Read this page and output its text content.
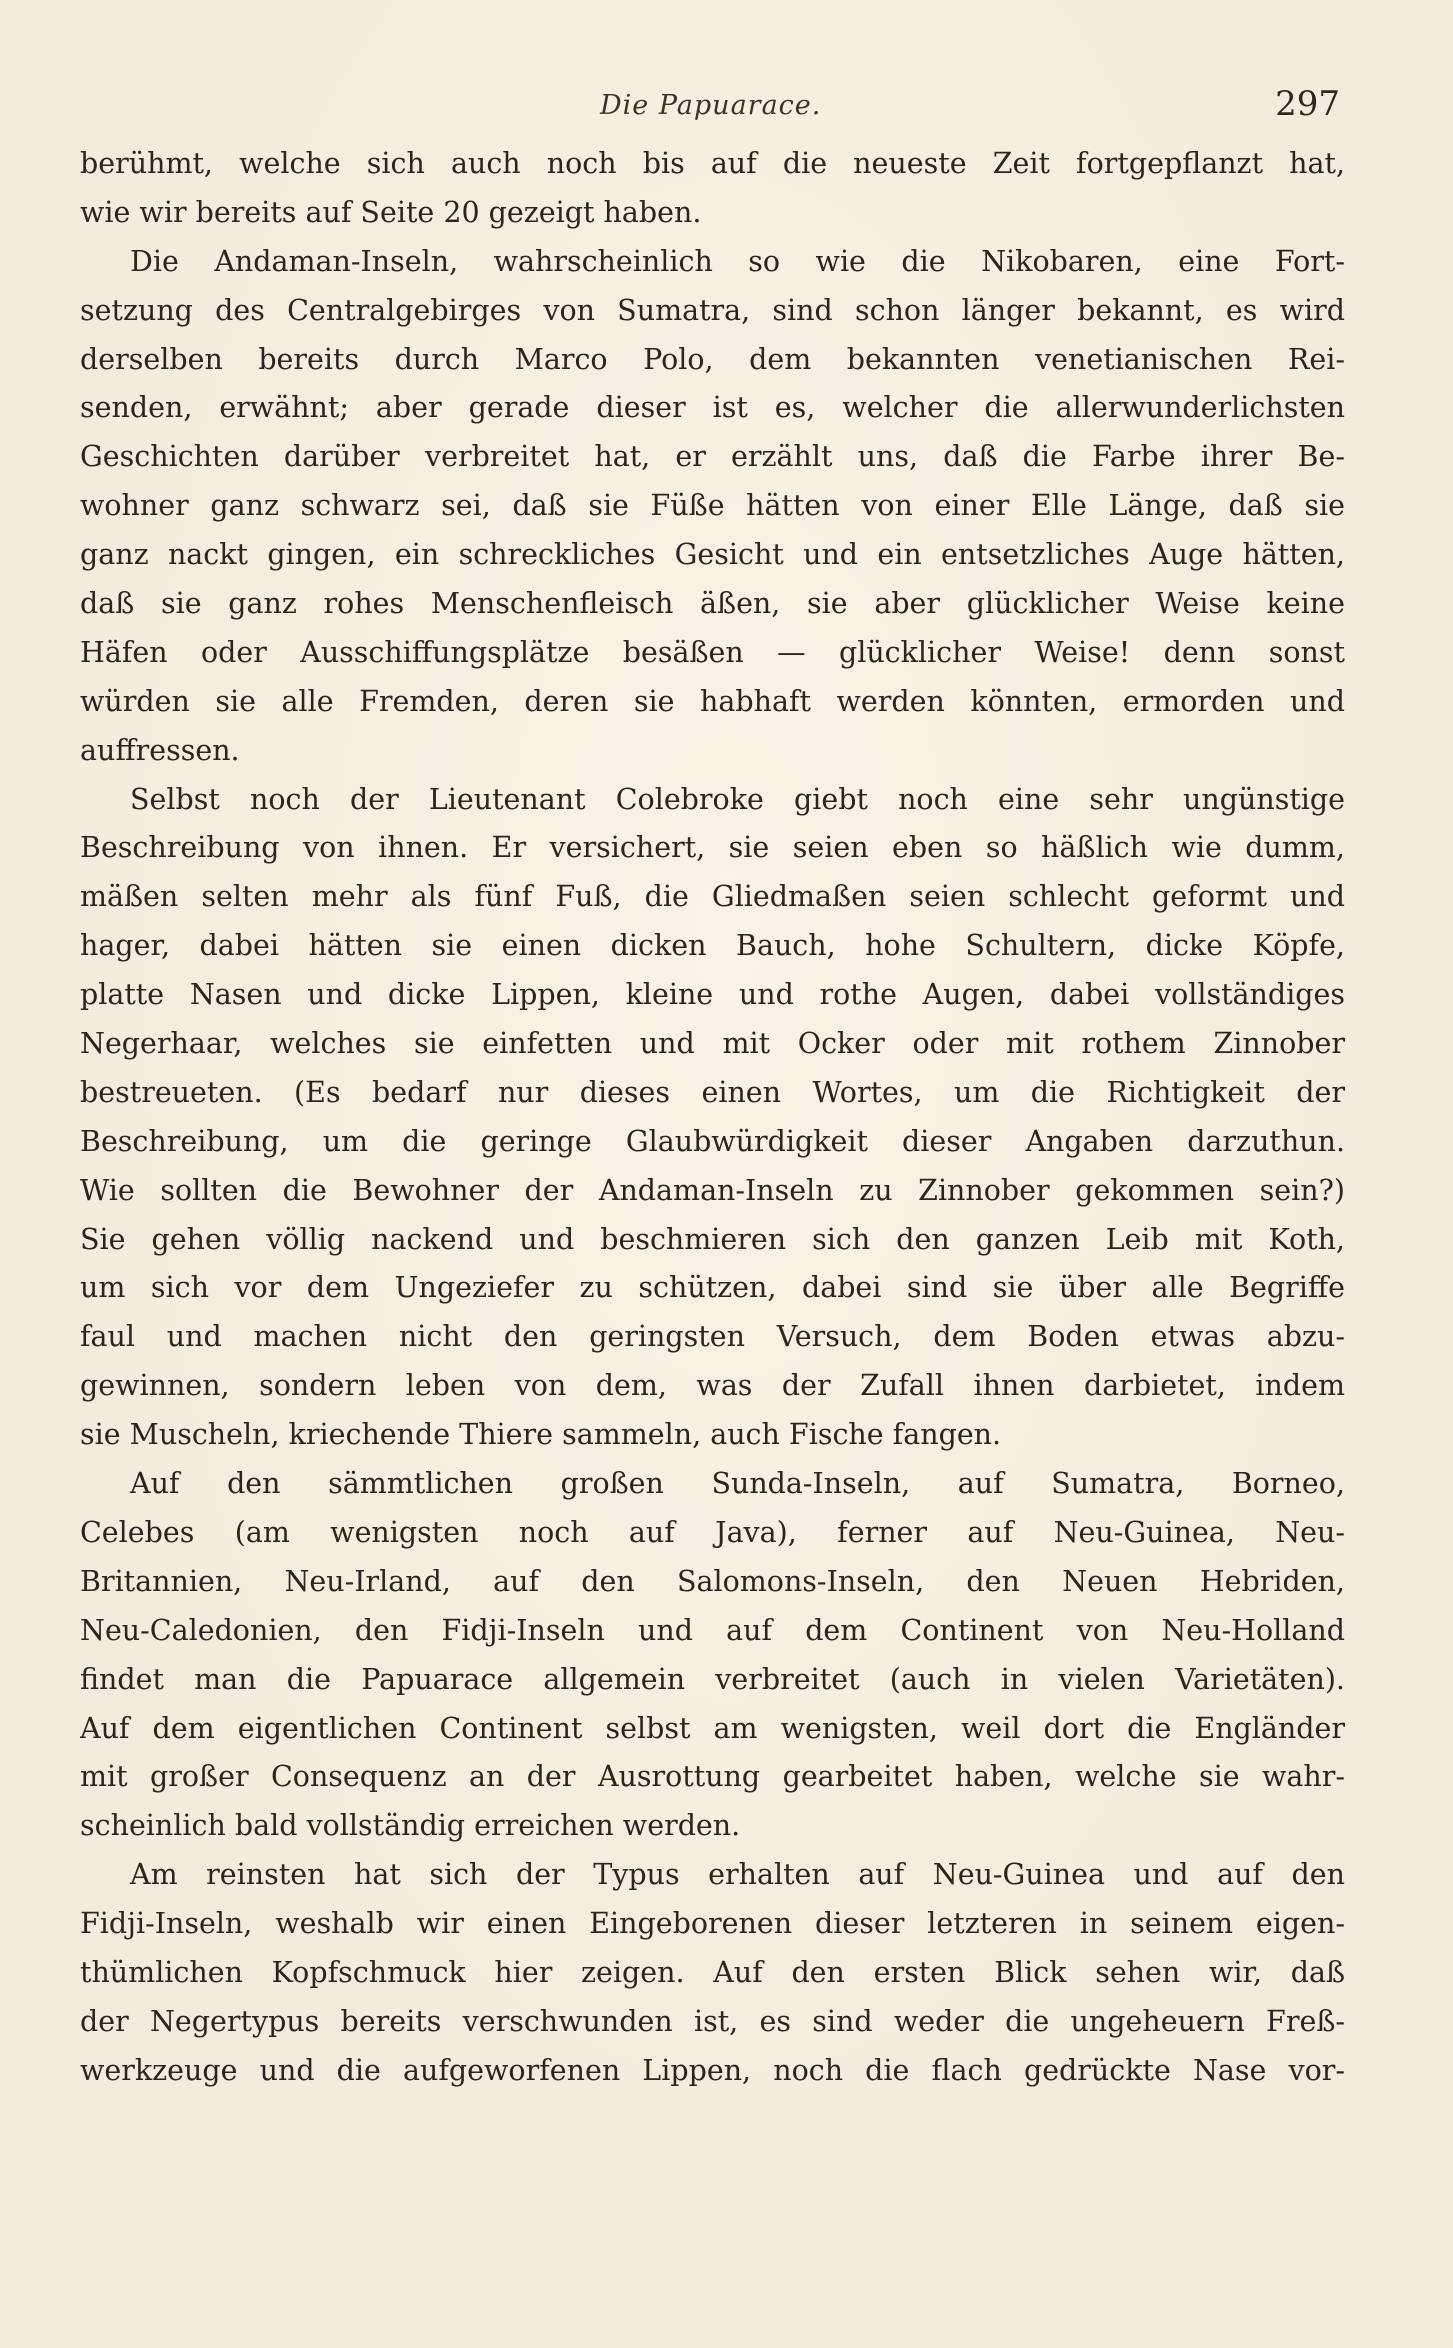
Die Papuarace.	297
berühmt, welche sich auch noch bis auf die neueste Zeit fortgepflanzt hat,
wie wir bereits auf Seite 20 gezeigt haben.
Die Andaman-Inseln, wahrscheinlich so wie die Nikobaren, eine Fort-
setzung des Centralgebirges von Sumatra, sind schon länger bekannt, es wird
derselben bereits durch Marco Polo, dem bekannten venetianischen Rei-
senden, erwähnt; aber gerade dieser ist es, welcher die allerwunderlichsten
Geschichten darüber verbreitet hat, er erzählt uns, daß die Farbe ihrer Be-
wohner ganz schwarz sei, daß sie Füße hätten von einer Elle Länge, daß sie
ganz nackt gingen, ein schreckliches Gesicht und ein entsetzliches Auge hätten,
daß sie ganz rohes Menschenfleisch äßen, sie aber glücklicher Weise keine
Häfen oder Ausschiffungsplätze besäßen — glücklicher Weise! denn sonst
würden sie alle Fremden, deren sie habhaft werden könnten, ermorden und
auffressen.
Selbst noch der Lieutenant Colebroke giebt noch eine sehr ungünstige
Beschreibung von ihnen. Er versichert, sie seien eben so häßlich wie dumm,
mäßen selten mehr als fünf Fuß, die Gliedmaßen seien schlecht geformt und
hager, dabei hätten sie einen dicken Bauch, hohe Schultern, dicke Köpfe,
platte Nasen und dicke Lippen, kleine und rothe Augen, dabei vollständiges
Negerhaar, welches sie einfetten und mit Ocker oder mit rothem Zinnober
bestreueten. (Es bedarf nur dieses einen Wortes, um die Richtigkeit der
Beschreibung, um die geringe Glaubwürdigkeit dieser Angaben darzuthun.
Wie sollten die Bewohner der Andaman-Inseln zu Zinnober gekommen sein?)
Sie gehen völlig nackend und beschmieren sich den ganzen Leib mit Koth,
um sich vor dem Ungeziefer zu schützen, dabei sind sie über alle Begriffe
faul und machen nicht den geringsten Versuch, dem Boden etwas abzu-
gewinnen, sondern leben von dem, was der Zufall ihnen darbietet, indem
sie Muscheln, kriechende Thiere sammeln, auch Fische fangen.
Auf den sämmtlichen großen Sunda-Inseln, auf Sumatra, Borneo,
Celebes (am wenigsten noch auf Java), ferner auf Neu-Guinea, Neu-
Britannien, Neu-Irland, auf den Salomons-Inseln, den Neuen Hebriden,
Neu-Caledonien, den Fidji-Inseln und auf dem Continent von Neu-Holland
findet man die Papuarace allgemein verbreitet (auch in vielen Varietäten).
Auf dem eigentlichen Continent selbst am wenigsten, weil dort die Engländer
mit großer Consequenz an der Ausrottung gearbeitet haben, welche sie wahr-
scheinlich bald vollständig erreichen werden.
Am reinsten hat sich der Typus erhalten auf Neu-Guinea und auf den
Fidji-Inseln, weshalb wir einen Eingeborenen dieser letzteren in seinem eigen-
thümlichen Kopfschmuck hier zeigen. Auf den ersten Blick sehen wir, daß
der Negertypus bereits verschwunden ist, es sind weder die ungeheuern Freß-
werkzeuge und die aufgeworfenen Lippen, noch die flach gedrückte Nase vor-
